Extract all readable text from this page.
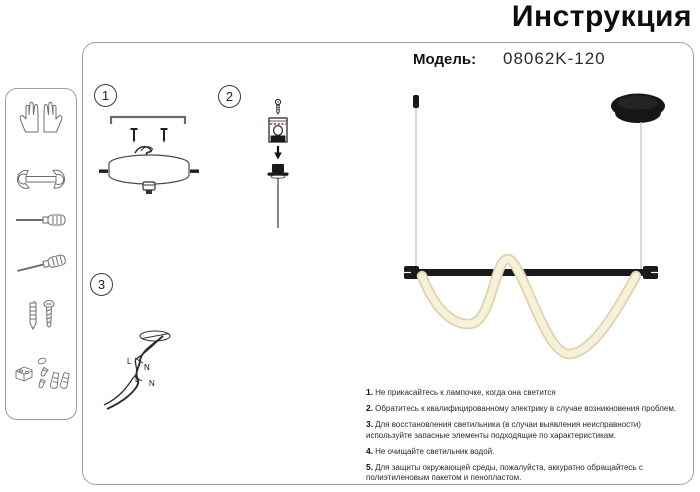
Инструкция
Модель: 08062K-120
1	2
3
L
N
L N
1. Не прикасайтесь к лампочке, когда она светится
2. Обратитесь к квалифицированному электрику в случае возникновения проблем.
3. Для восстановления светильника (в случаи выявления неисправности) используйте запасные элементы подходящие по характеристикам.
4. Не очищайте светильник водой.
5. Для защиты окружающей среды, пожалуйста, аккуратно обращайтесь с полиэтиленовым пакетом и пенопластом.
